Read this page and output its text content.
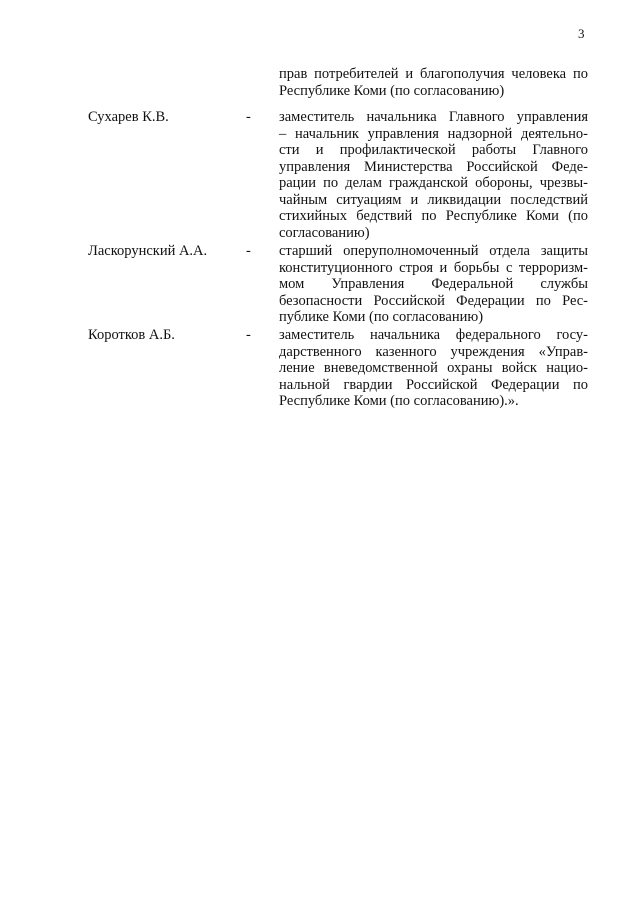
3
прав потребителей и благополучия человека по
Республике Коми (по согласованию)
Сухарев К.В.	- заместитель начальника Главного управления
– начальник управления надзорной деятельно-
сти и профилактической работы Главного
управления Министерства Российской Феде-
рации по делам гражданской обороны, чрезвы-
чайным ситуациям и ликвидации последствий
стихийных бедствий по Республике Коми (по
согласованию)
Ласкорунский А.А.	- старший оперуполномоченный отдела защиты
конституционного строя и борьбы с терроризм-
мом Управления Федеральной службы
безопасности Российской Федерации по Рес-
публике Коми (по согласованию)
Коротков А.Б.	- заместитель начальника федерального госу-
дарственного казенного учреждения «Управ-
ление вневедомственной охраны войск нацио-
нальной гвардии Российской Федерации по
Республике Коми (по согласованию).».
